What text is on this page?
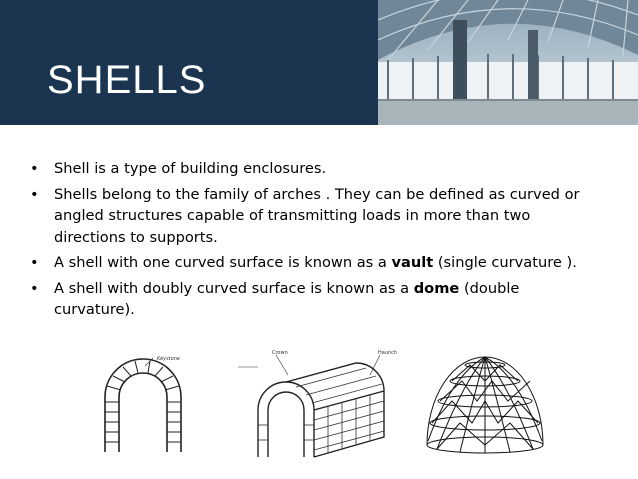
SHELLS
• Shell is a type of building enclosures.
• Shells belong to the family of arches . They can be defined as curved or angled structures capable of transmitting loads in more than two directions to supports.
• A shell with one curved surface is known as a vault (single curvature ).
• A shell with doubly curved surface is known as a dome (double curvature).
Keystone
Crown	Haunch
